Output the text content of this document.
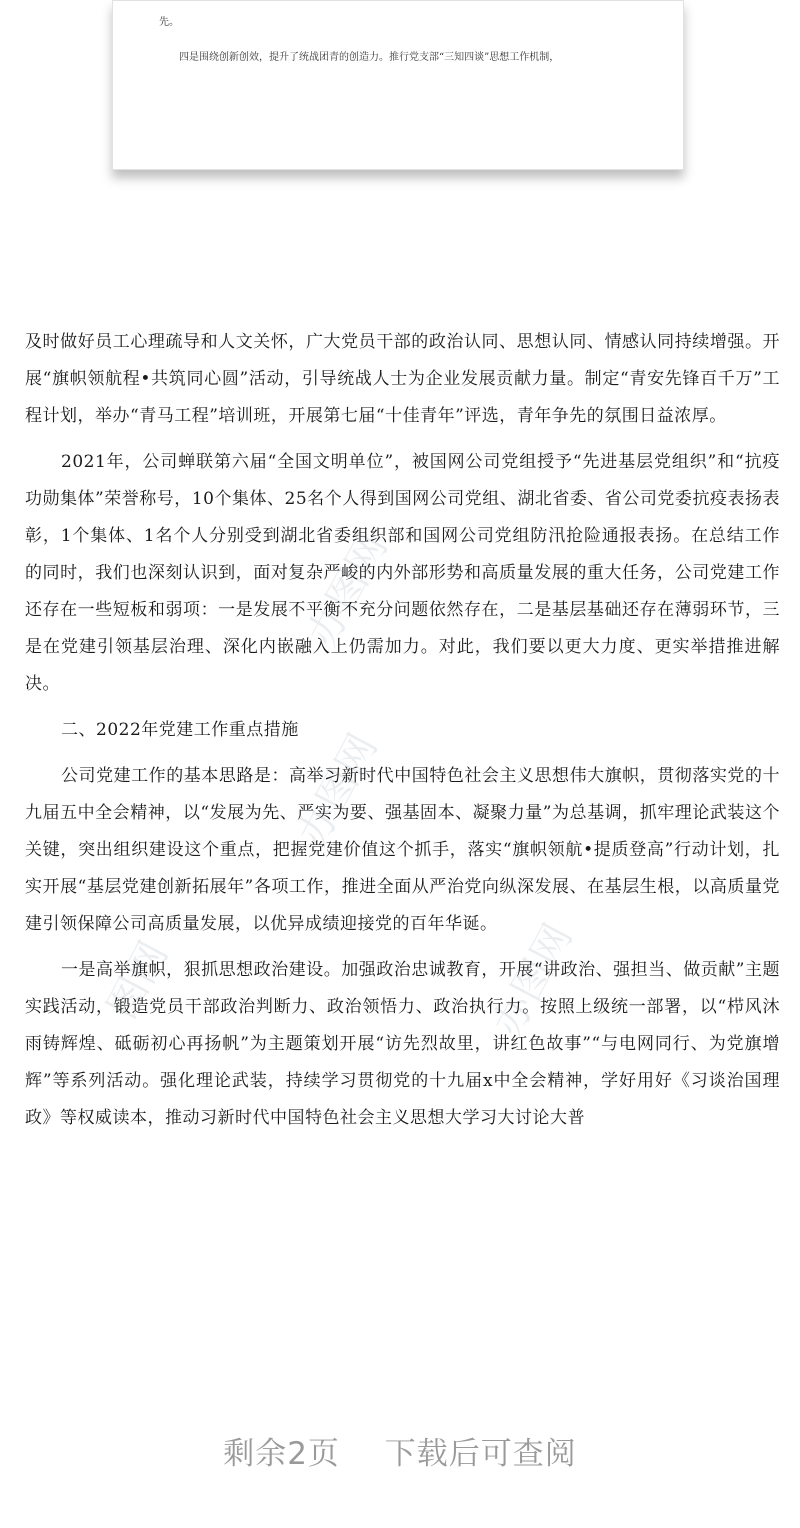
先。
四是围绕创新创效，提升了统战团青的创造力。推行党支部“三知四谈”思想工作机制，
办图网
办图网
图网	办图网

及时做好员工心理疏导和人文关怀，广大党员干部的政治认同、思想认同、情感认同持续增强。开展“旗帜领航程•共筑同心圆”活动，引导统战人士为企业发展贡献力量。制定“青安先锋百千万”工程计划，举办“青马工程”培训班，开展第七届“十佳青年”评选，青年争先的氛围日益浓厚。

2021年，公司蝉联第六届“全国文明单位”，被国网公司党组授予“先进基层党组织”和“抗疫功勋集体”荣誉称号，10个集体、25名个人得到国网公司党组、湖北省委、省公司党委抗疫表扬表彰，1个集体、1名个人分别受到湖北省委组织部和国网公司党组防汛抢险通报表扬。在总结工作的同时，我们也深刻认识到，面对复杂严峻的内外部形势和高质量发展的重大任务，公司党建工作还存在一些短板和弱项：一是发展不平衡不充分问题依然存在，二是基层基础还存在薄弱环节，三是在党建引领基层治理、深化内嵌融入上仍需加力。对此，我们要以更大力度、更实举措推进解决。

二、2022年党建工作重点措施

公司党建工作的基本思路是：高举习新时代中国特色社会主义思想伟大旗帜，贯彻落实党的十九届五中全会精神，以“发展为先、严实为要、强基固本、凝聚力量”为总基调，抓牢理论武装这个关键，突出组织建设这个重点，把握党建价值这个抓手，落实“旗帜领航•提质登高”行动计划，扎实开展“基层党建创新拓展年”各项工作，推进全面从严治党向纵深发展、在基层生根，以高质量党建引领保障公司高质量发展，以优异成绩迎接党的百年华诞。

一是高举旗帜，狠抓思想政治建设。加强政治忠诚教育，开展“讲政治、强担当、做贡献”主题实践活动，锻造党员干部政治判断力、政治领悟力、政治执行力。按照上级统一部署，以“栉风沐雨铸辉煌、砥砺初心再扬帆”为主题策划开展“访先烈故里，讲红色故事”“与电网同行、为党旗增辉”等系列活动。强化理论武装，持续学习贯彻党的十九届x中全会精神，学好用好《习谈治国理政》等权威读本，推动习新时代中国特色社会主义思想大学习大讨论大普

剩余2页 下载后可查阅
